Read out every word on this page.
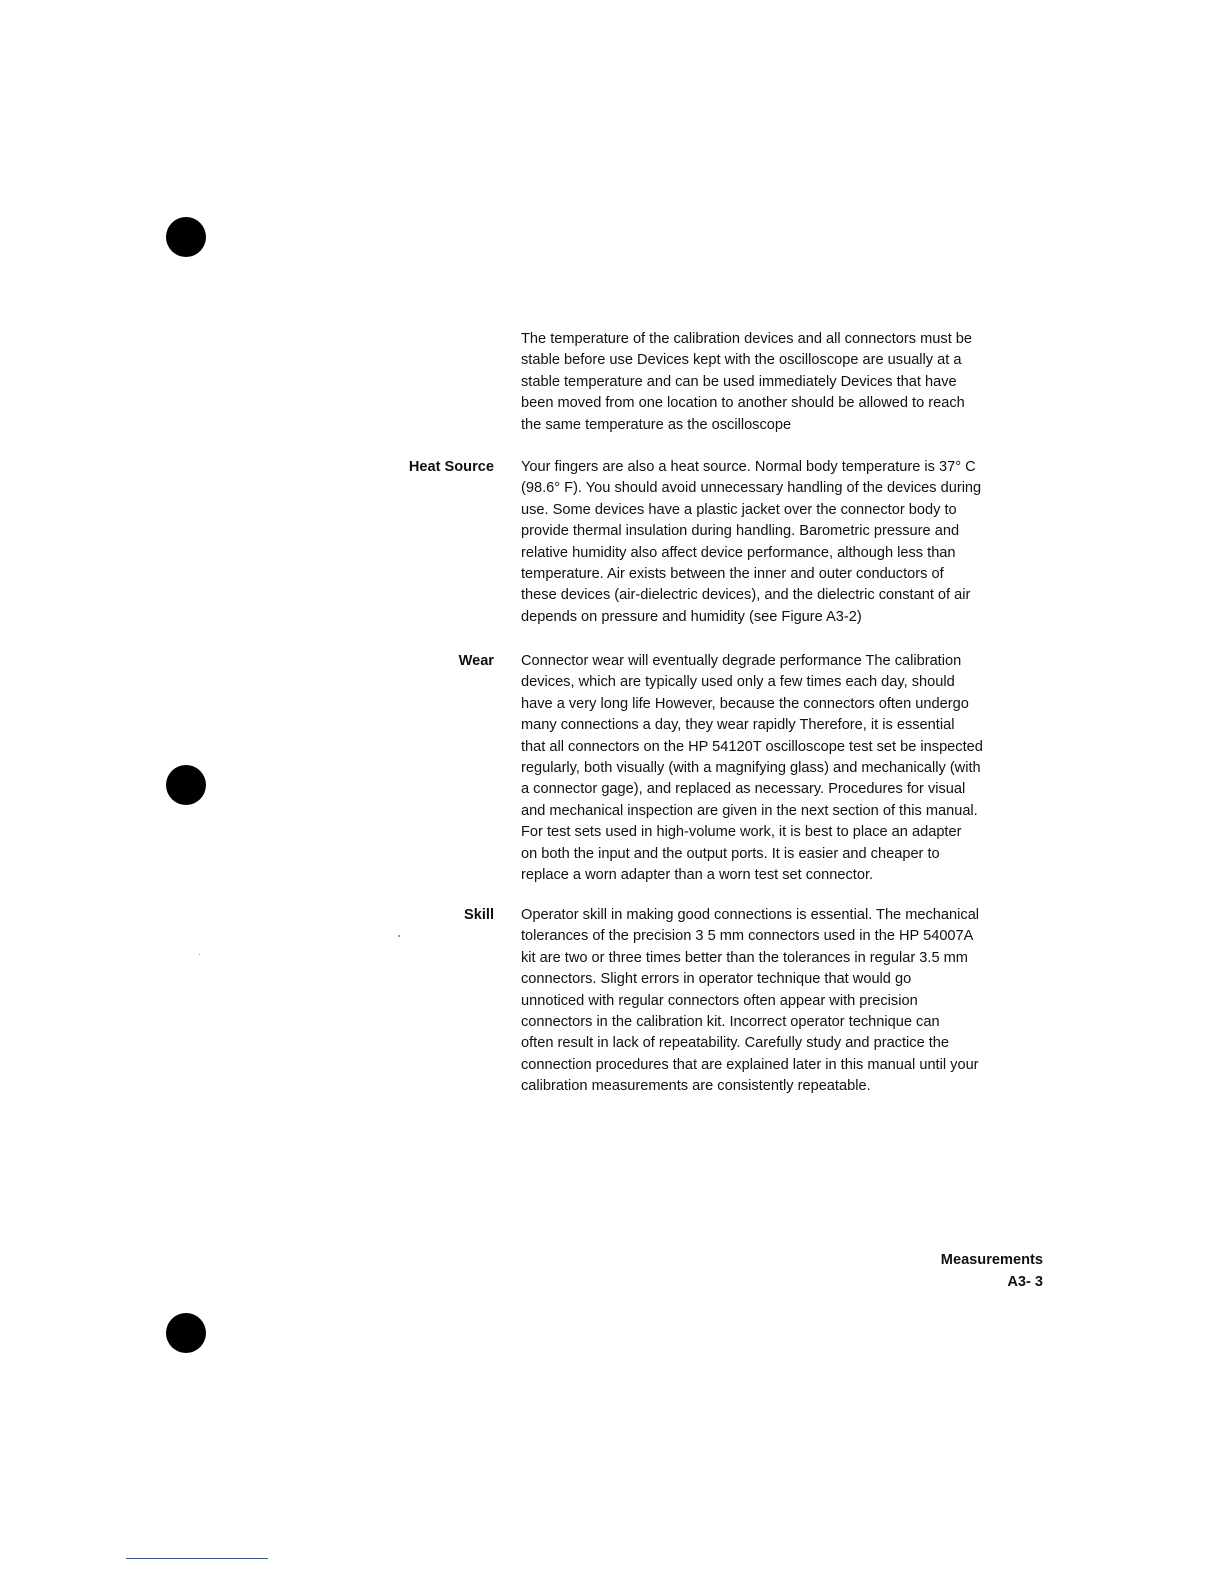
The temperature of the calibration devices and all connectors must be
stable before use Devices kept with the oscilloscope are usually at a
stable temperature and can be used immediately Devices that have
been moved from one location to another should be allowed to reach
the same temperature as the oscilloscope
Heat Source Your fingers are also a heat source. Normal body temperature is 37° C
(98.6° F). You should avoid unnecessary handling of the devices during
use. Some devices have a plastic jacket over the connector body to
provide thermal insulation during handling. Barometric pressure and
relative humidity also affect device performance, although less than
temperature. Air exists between the inner and outer conductors of
these devices (air-dielectric devices), and the dielectric constant of air
depends on pressure and humidity (see Figure A3-2)
Wear Connector wear will eventually degrade performance The calibration
devices, which are typically used only a few times each day, should
have a very long life However, because the connectors often undergo
many connections a day, they wear rapidly Therefore, it is essential
that all connectors on the HP 54120T oscilloscope test set be inspected
regularly, both visually (with a magnifying glass) and mechanically (with
a connector gage), and replaced as necessary. Procedures for visual
and mechanical inspection are given in the next section of this manual.
For test sets used in high-volume work, it is best to place an adapter
on both the input and the output ports. It is easier and cheaper to
replace a worn adapter than a worn test set connector.
Skill Operator skill in making good connections is essential. The mechanical
tolerances of the precision 3 5 mm connectors used in the HP 54007A
kit are two or three times better than the tolerances in regular 3.5 mm
connectors. Slight errors in operator technique that would go
unnoticed with regular connectors often appear with precision
connectors in the calibration kit. Incorrect operator technique can
often result in lack of repeatability. Carefully study and practice the
connection procedures that are explained later in this manual until your
calibration measurements are consistently repeatable.
Measurements
A3- 3
